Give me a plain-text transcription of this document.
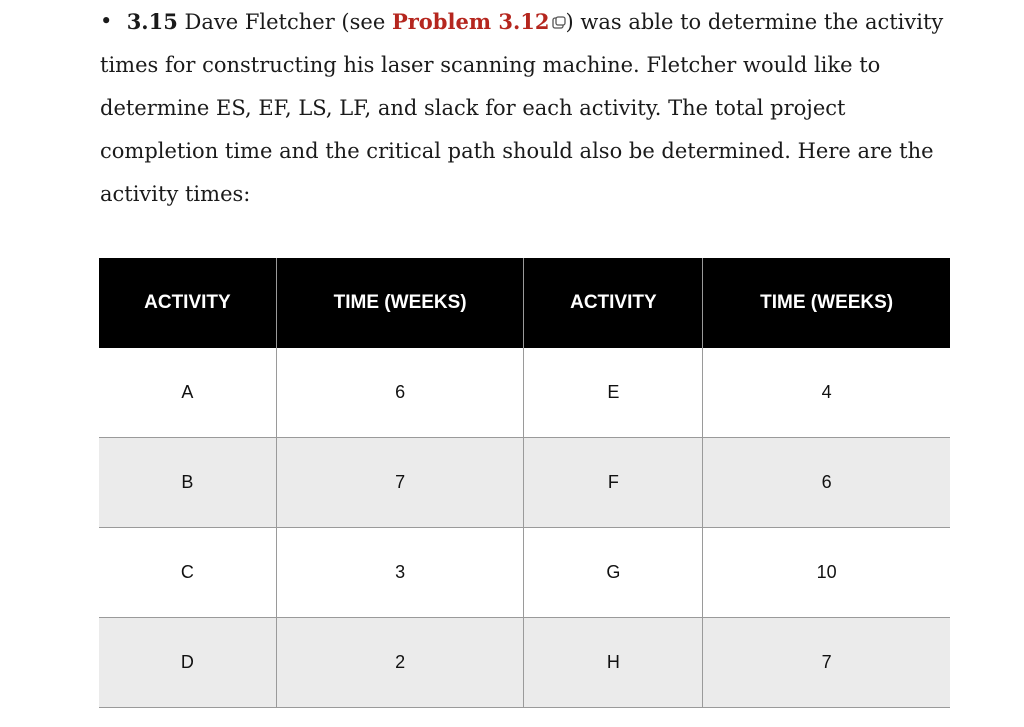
• 3.15 Dave Fletcher (see Problem 3.12 ) was able to determine the activity
times for constructing his laser scanning machine. Fletcher would like to
determine ES, EF, LS, LF, and slack for each activity. The total project
completion time and the critical path should also be determined. Here are the
activity times:
ACTIVITY	TIME (WEEKS)	ACTIVITY	TIME (WEEKS)
A	6	E	4
B	7	F	6
C	3	G	10
D	2	H	7
